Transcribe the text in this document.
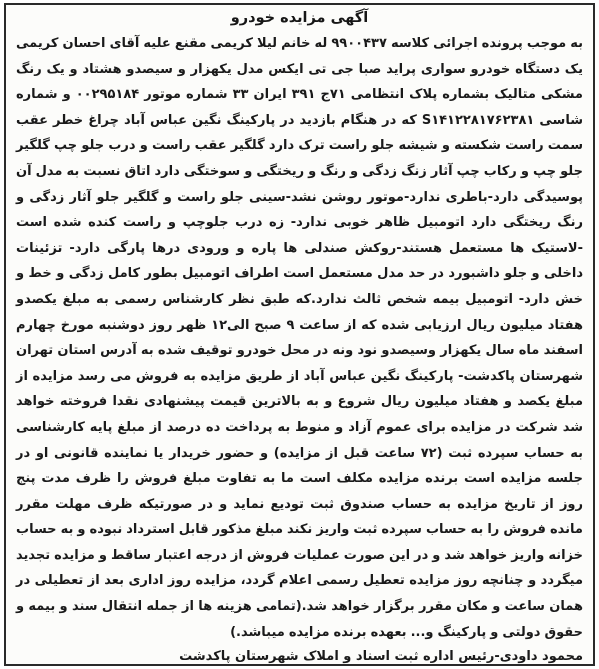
آگهی مزایده خودرو

به موجب پرونده اجرائی کلاسه ۹۹۰۰۴۳۷ له خانم لیلا کریمی مقنع علیه آقای احسان کریمی یک دستگاه خودرو سواری پراید صبا جی تی ایکس مدل یکهزار و سیصدو هشتاد و یک رنگ مشکی متالیک بشماره پلاک انتظامی ۷۱ج ۳۹۱ ایران ۳۳ شماره موتور ۰۰۲۹۵۱۸۴ و شماره شاسی S۱۴۱۲۲۸۱۷۶۲۳۸۱ که در هنگام بازدید در پارکینگ نگین عباس آباد چراغ خطر عقب سمت راست شکسته و شیشه جلو راست ترک دارد گلگیر عقب راست و درب جلو چپ گلگیر جلو چپ و رکاب چپ آثار زنگ زدگی و رنگ و ریختگی و سوختگی دارد اتاق نسبت به مدل آن پوسیدگی دارد-باطری ندارد-موتور روشن نشد-سینی جلو راست و گلگیر جلو آثار زدگی و رنگ ریختگی دارد اتومبیل ظاهر خوبی ندارد- زه درب جلوچپ و راست کنده شده است -لاستیک ها مستعمل هستند-روکش صندلی ها پاره و ورودی درها پارگی دارد- تزئینات داخلی و جلو داشبورد در حد مدل مستعمل است اطراف اتومبیل بطور کامل زدگی و خط و خش دارد- اتومبیل بیمه شخص ثالث ندارد.که طبق نظر کارشناس رسمی به مبلغ یکصدو هفتاد میلیون ریال ارزیابی شده که از ساعت ۹ صبح الی۱۲ ظهر روز دوشنبه مورخ چهارم اسفند ماه سال یکهزار وسیصدو نود ونه در محل خودرو توقیف شده به آدرس استان تهران شهرستان پاکدشت- پارکینگ نگین عباس آباد از طریق مزایده به فروش می رسد مزایده از مبلغ یکصد و هفتاد میلیون ریال شروع و به بالاترین قیمت پیشنهادی نقدا فروخته خواهد شد شرکت در مزایده برای عموم آزاد و منوط به پرداخت ده درصد از مبلغ پایه کارشناسی به حساب سپرده ثبت (۷۲ ساعت قبل از مزایده) و حضور خریدار یا نماینده قانونی او در جلسه مزایده است برنده مزایده مکلف است ما به تفاوت مبلغ فروش را ظرف مدت پنج روز از تاریخ مزایده به حساب صندوق ثبت تودیع نماید و در صورتیکه ظرف مهلت مقرر مانده فروش را به حساب سپرده ثبت واریز نکند مبلغ مذکور قابل استرداد نبوده و به حساب خزانه واریز خواهد شد و در این صورت عملیات فروش از درجه اعتبار ساقط و مزایده تجدید میگردد و چنانچه روز مزایده تعطیل رسمی اعلام گردد، مزایده روز اداری بعد از تعطیلی در همان ساعت و مکان مقرر برگزار خواهد شد.(تمامی هزینه ها از جمله انتقال سند و بیمه و حقوق دولتی و پارکینگ و... بعهده برنده مزایده میباشد.)

محمود داودی-رئیس اداره ثبت اسناد و املاک شهرستان پاکدشت
